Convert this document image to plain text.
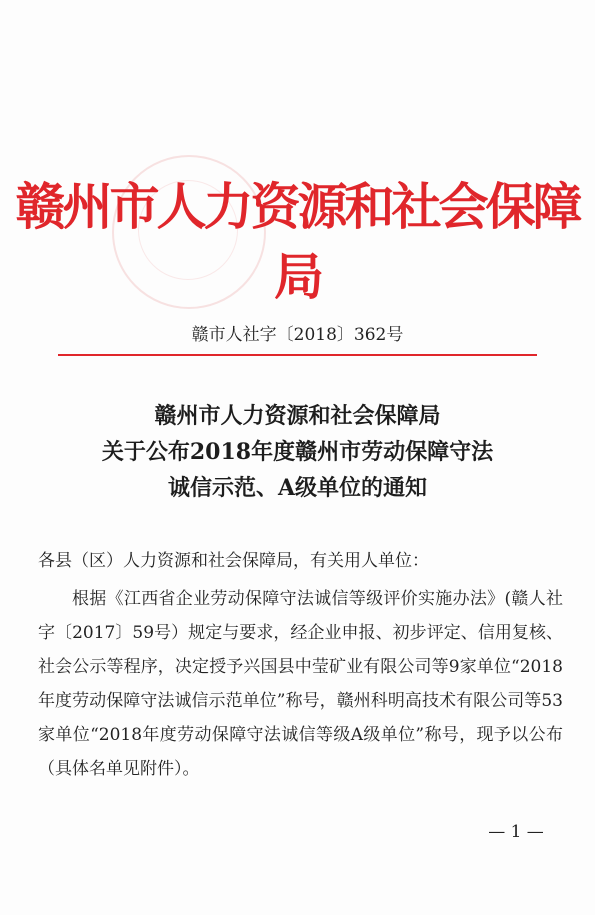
赣州市人力资源和社会保障局
赣市人社字〔2018〕362号
赣州市人力资源和社会保障局
关于公布2018年度赣州市劳动保障守法
诚信示范、A级单位的通知
各县（区）人力资源和社会保障局，有关用人单位：
根据《江西省企业劳动保障守法诚信等级评价实施办法》(赣人社字〔2017〕59号）规定与要求，经企业申报、初步评定、信用复核、社会公示等程序，决定授予兴国县中莹矿业有限公司等9家单位“2018年度劳动保障守法诚信示范单位”称号，赣州科明高技术有限公司等53家单位“2018年度劳动保障守法诚信等级A级单位”称号，现予以公布（具体名单见附件）。
— 1 —
